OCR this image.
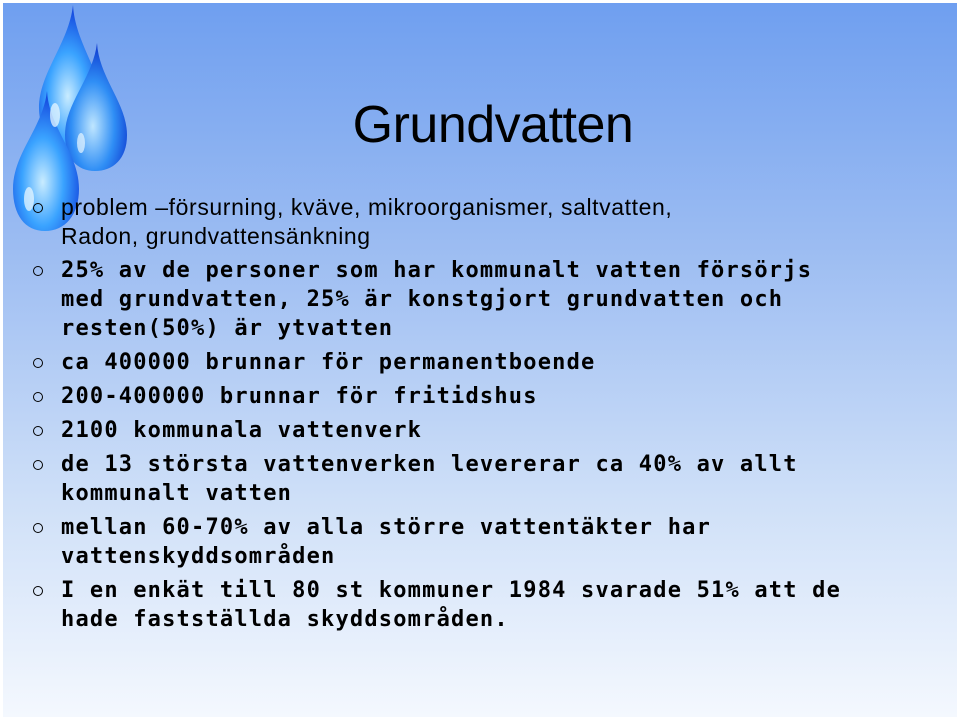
Grundvatten
problem –försurning, kväve, mikroorganismer, saltvatten,
Radon, grundvattensänkning
25% av de personer som har kommunalt vatten försörjs
med grundvatten, 25% är konstgjort grundvatten och
resten(50%) är ytvatten
ca 400000 brunnar för permanentboende
200-400000 brunnar för fritidshus
2100 kommunala vattenverk
de 13 största vattenverken levererar ca 40% av allt
kommunalt vatten
mellan 60-70% av alla större vattentäkter har
vattenskyddsområden
I en enkät till 80 st kommuner 1984 svarade 51% att de
hade fastställda skyddsområden.
